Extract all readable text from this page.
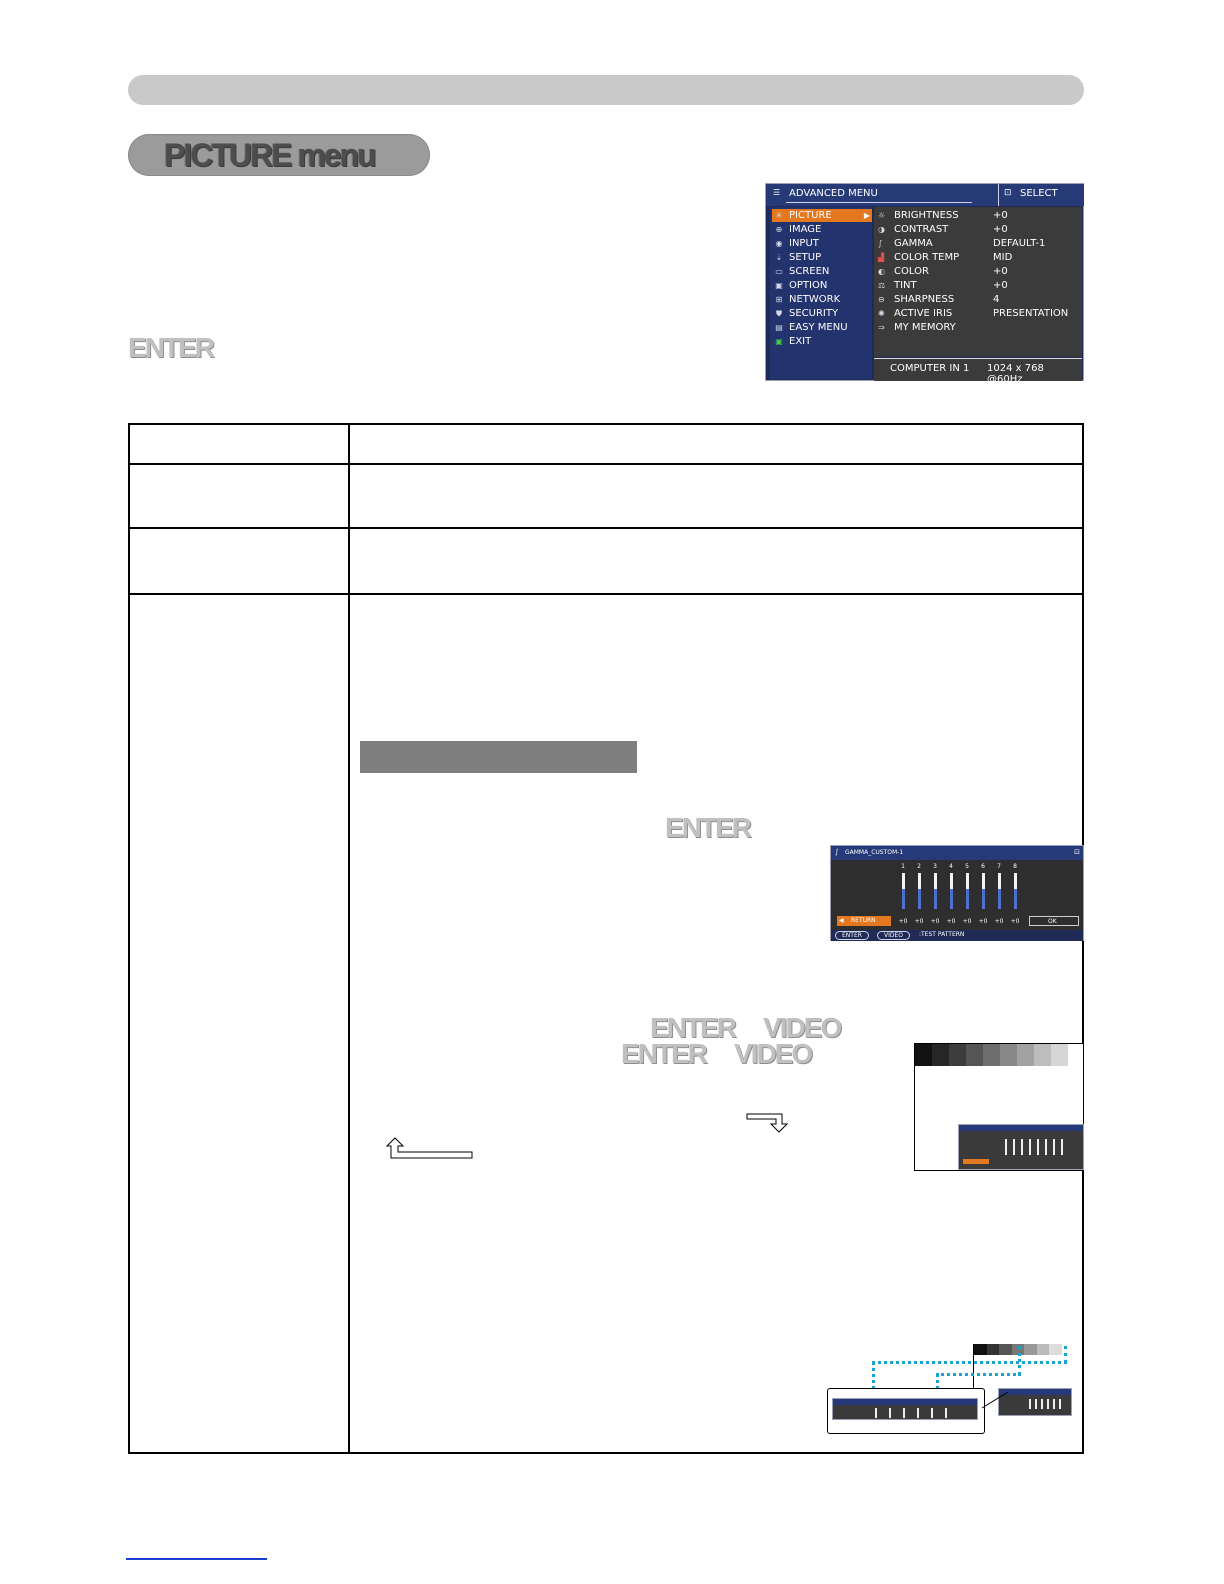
PICTURE menu
ENTER
☰ ADVANCED MENU	⊡ SELECT
✳ PICTURE	▶
⊕ IMAGE
◉ INPUT
⇣ SETUP
▭ SCREEN
▣ OPTION
⊞ NETWORK
⛊ SECURITY
▤ EASY MENU
▣ EXIT
☼ BRIGHTNESS	+0
◑ CONTRAST	+0
∫ GAMMA	DEFAULT-1
▟ COLOR TEMP	MID
◐ COLOR	+0
⚖ TINT	+0
⊖ SHARPNESS	4
✺ ACTIVE IRIS	PRESENTATION
⇒ MY MEMORY
COMPUTER IN 1 1024 x 768 @60Hz
ENTER
∫ GAMMA_CUSTOM-1	⊡
1	2	3	4	5	6	7	8
◀ RETURN	+0	+0	+0	+0	+0	+0	+0	+0	OK
ENTER	VIDEO	:TEST PATTERN
ENTER VIDEO
ENTER VIDEO
